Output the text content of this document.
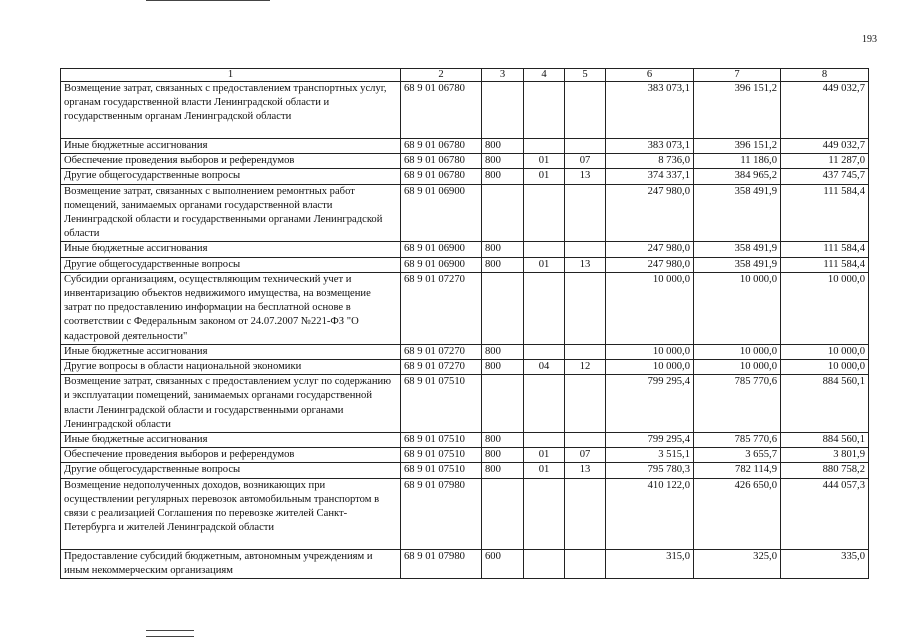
193
1	2	3	4	5	6	7	8
Возмещение затрат, связанных с предоставлением транспортных услуг, органам государственной власти Ленинградской области и государственным органам Ленинградской области	68 9 01 06780				383 073,1	396 151,2	449 032,7
Иные бюджетные ассигнования	68 9 01 06780	800			383 073,1	396 151,2	449 032,7
Обеспечение проведения выборов и референдумов	68 9 01 06780	800	01	07	8 736,0	11 186,0	11 287,0
Другие общегосударственные вопросы	68 9 01 06780	800	01	13	374 337,1	384 965,2	437 745,7
Возмещение затрат, связанных с выполнением ремонтных работ помещений, занимаемых органами государственной власти Ленинградской области и государственными органами Ленинградской области	68 9 01 06900				247 980,0	358 491,9	111 584,4
Иные бюджетные ассигнования	68 9 01 06900	800			247 980,0	358 491,9	111 584,4
Другие общегосударственные вопросы	68 9 01 06900	800	01	13	247 980,0	358 491,9	111 584,4
Субсидии организациям, осуществляющим технический учет и инвентаризацию объектов недвижимого имущества, на возмещение затрат по предоставлению информации на бесплатной основе в соответствии с Федеральным законом от 24.07.2007 №221-ФЗ "О кадастровой деятельности"	68 9 01 07270				10 000,0	10 000,0	10 000,0
Иные бюджетные ассигнования	68 9 01 07270	800			10 000,0	10 000,0	10 000,0
Другие вопросы в области национальной экономики	68 9 01 07270	800	04	12	10 000,0	10 000,0	10 000,0
Возмещение затрат, связанных с предоставлением услуг по содержанию и эксплуатации помещений, занимаемых органами государственной власти Ленинградской области и государственными органами Ленинградской области	68 9 01 07510				799 295,4	785 770,6	884 560,1
Иные бюджетные ассигнования	68 9 01 07510	800			799 295,4	785 770,6	884 560,1
Обеспечение проведения выборов и референдумов	68 9 01 07510	800	01	07	3 515,1	3 655,7	3 801,9
Другие общегосударственные вопросы	68 9 01 07510	800	01	13	795 780,3	782 114,9	880 758,2
Возмещение недополученных доходов, возникающих при осуществлении регулярных перевозок автомобильным транспортом в связи с реализацией Соглашения по перевозке жителей Санкт-Петербурга и жителей Ленинградской области	68 9 01 07980				410 122,0	426 650,0	444 057,3
Предоставление субсидий бюджетным, автономным учреждениям и иным некоммерческим организациям	68 9 01 07980	600			315,0	325,0	335,0
